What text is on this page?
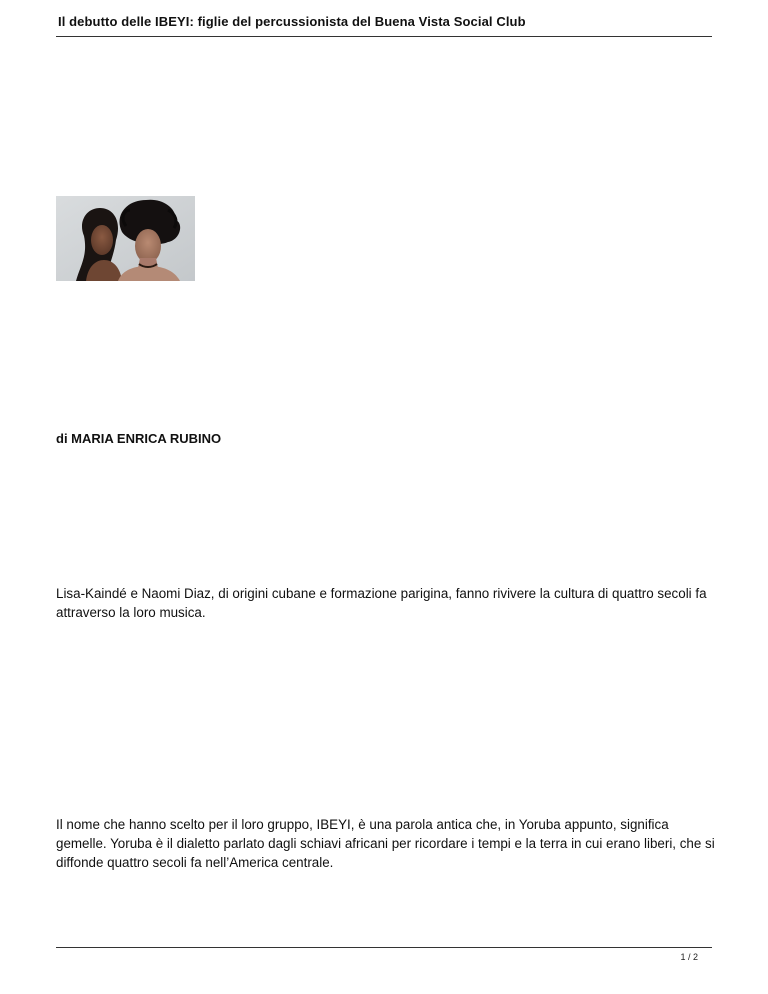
Il debutto delle IBEYI: figlie del percussionista del Buena Vista Social Club
di MARIA ENRICA RUBINO

Lisa-Kaindé e Naomi Diaz, di origini cubane e formazione parigina, fanno rivivere la cultura di quattro secoli fa attraverso la loro musica.

Il nome che hanno scelto per il loro gruppo, IBEYI, è una parola antica che, in Yoruba appunto, significa gemelle. Yoruba è il dialetto parlato dagli schiavi africani per ricordare i tempi e la terra in cui erano liberi, che si diffonde quattro secoli fa nell’America centrale.

1 / 2
